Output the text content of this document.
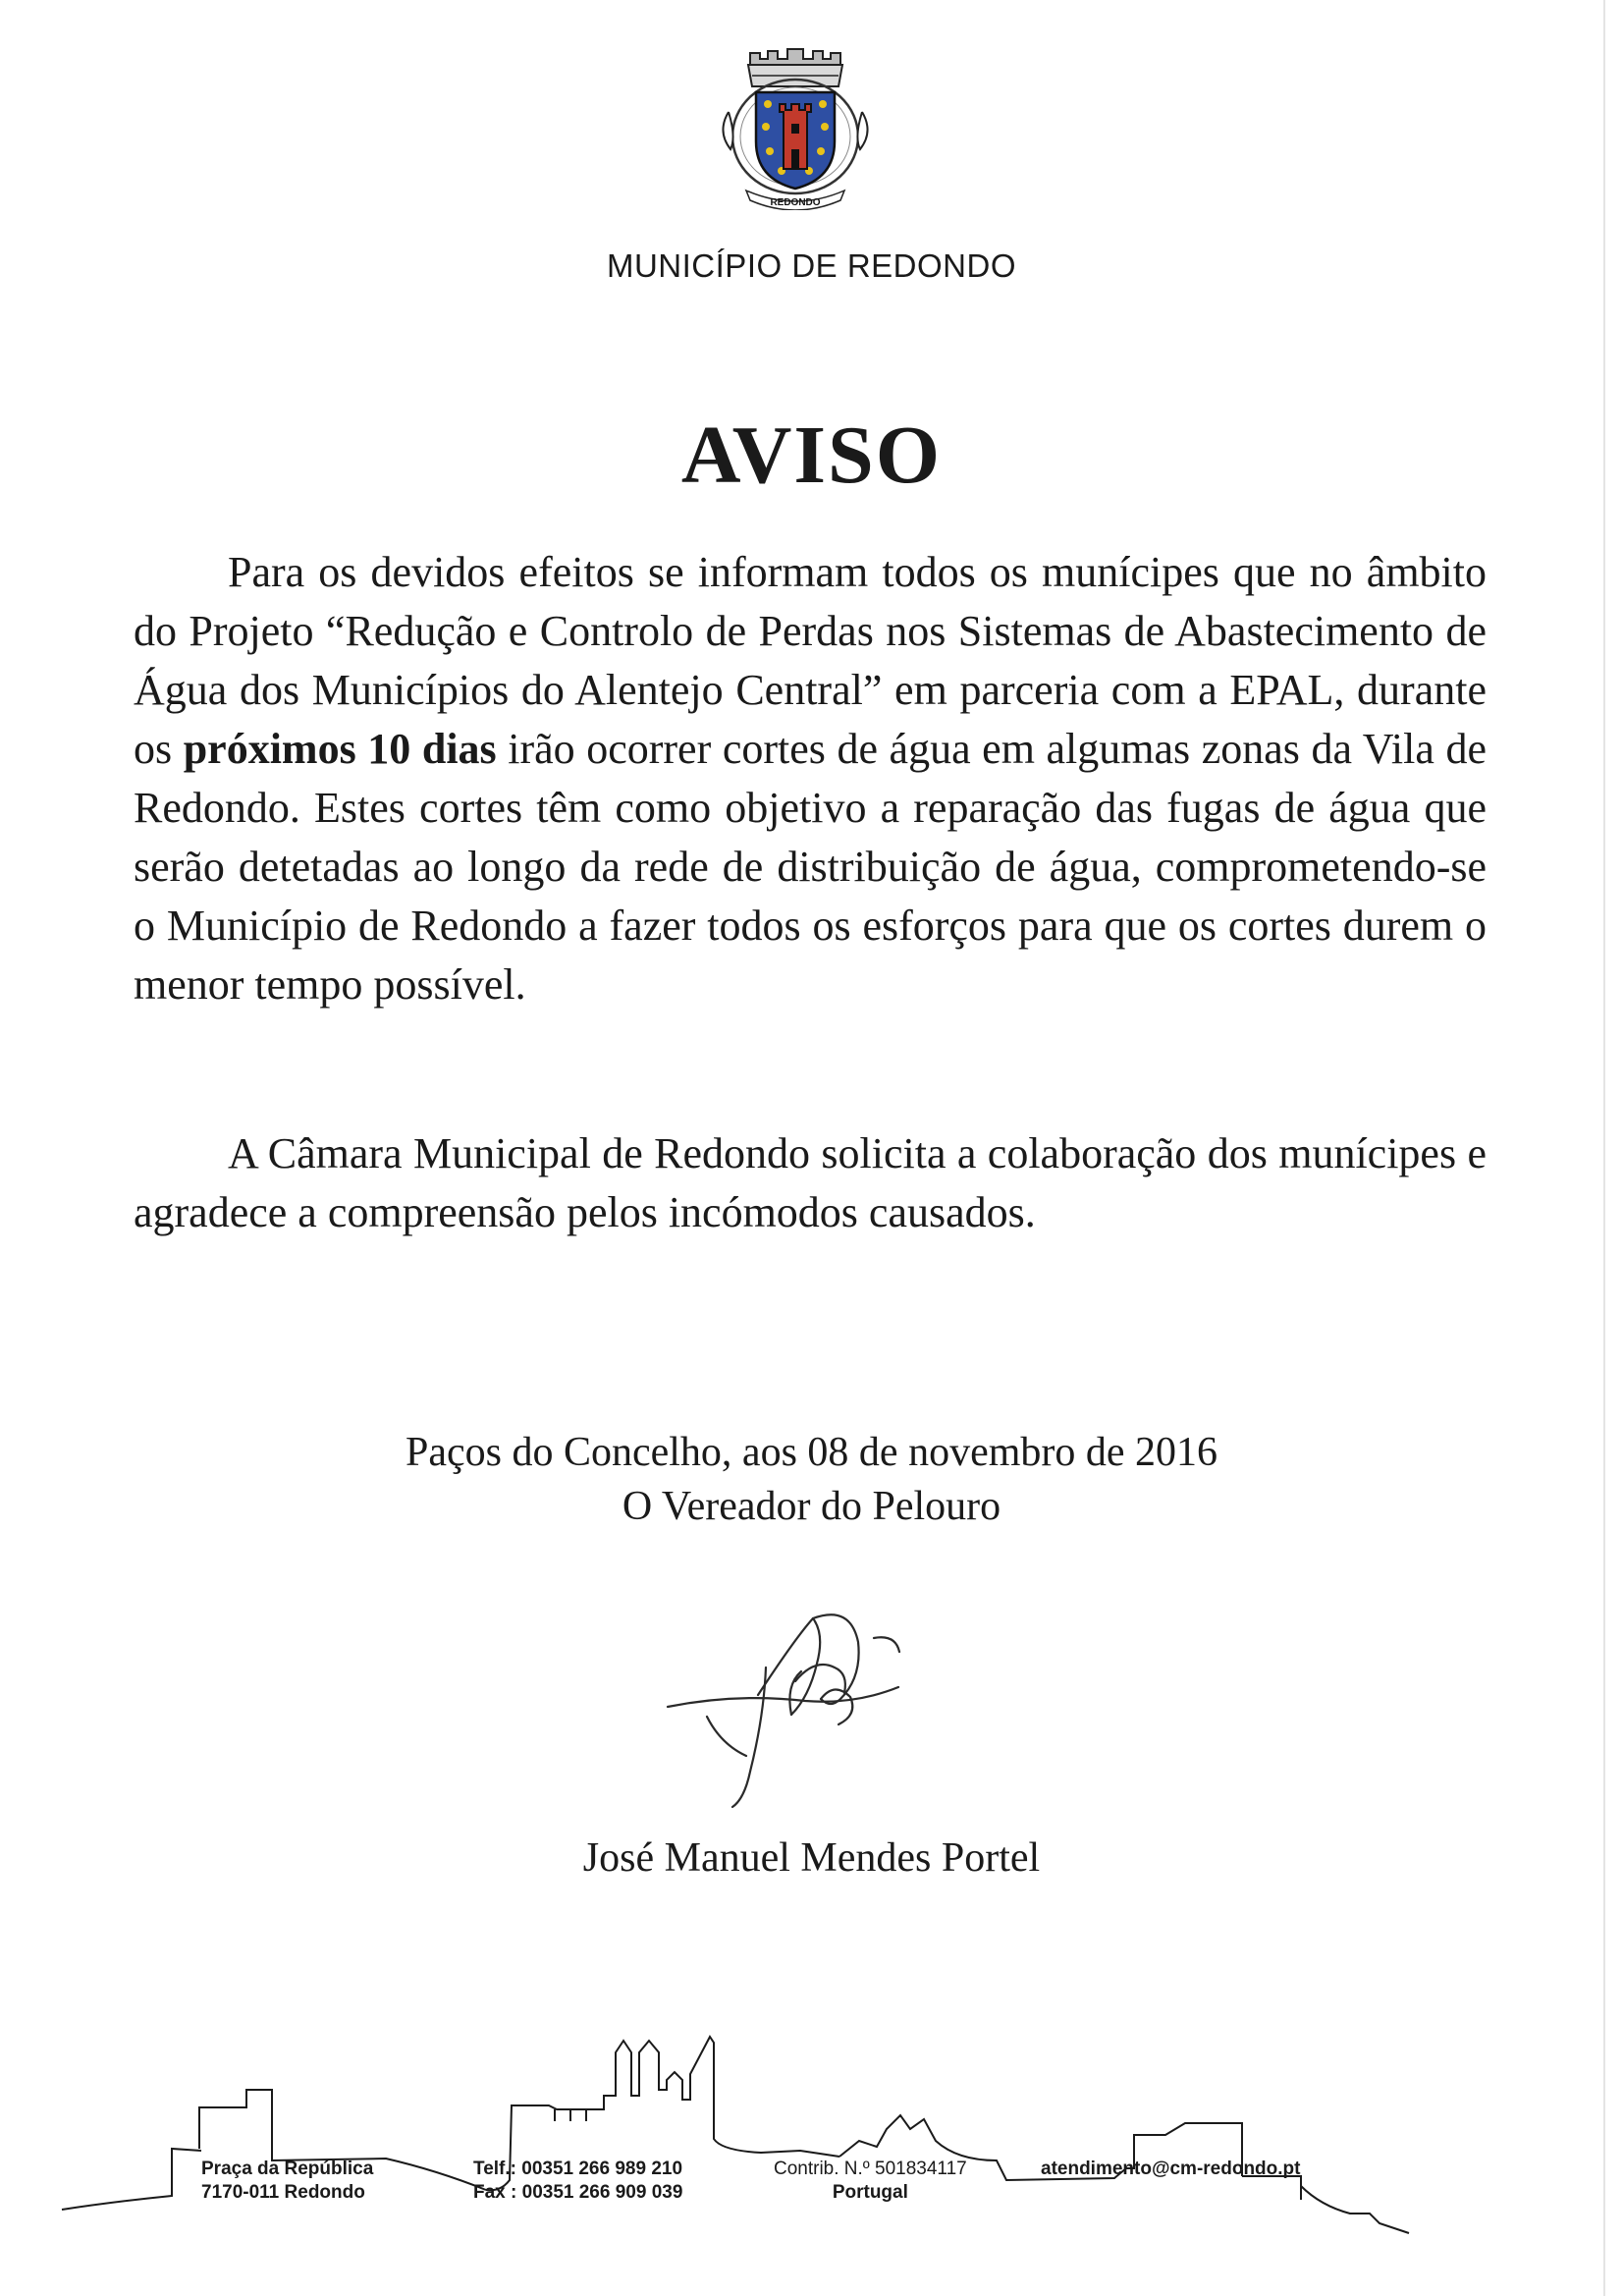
REDONDO
MUNICÍPIO DE REDONDO
AVISO
Para os devidos efeitos se informam todos os munícipes que no âmbito do Projeto “Redução e Controlo de Perdas nos Sistemas de Abastecimento de Água dos Municípios do Alentejo Central” em parceria com a EPAL, durante os próximos 10 dias irão ocorrer cortes de água em algumas zonas da Vila de Redondo. Estes cortes têm como objetivo a reparação das fugas de água que serão detetadas ao longo da rede de distribuição de água, comprometendo-se o Município de Redondo a fazer todos os esforços para que os cortes durem o menor tempo possível.
A Câmara Municipal de Redondo solicita a colaboração dos munícipes e agradece a compreensão pelos incómodos causados.
Paços do Concelho, aos 08 de novembro de 2016
O Vereador do Pelouro
José Manuel Mendes Portel
Praça da República
7170-011 Redondo
Telf.: 00351 266 989 210
Fax : 00351 266 909 039
Contrib. N.º 501834117
Portugal
atendimento@cm-redondo.pt
